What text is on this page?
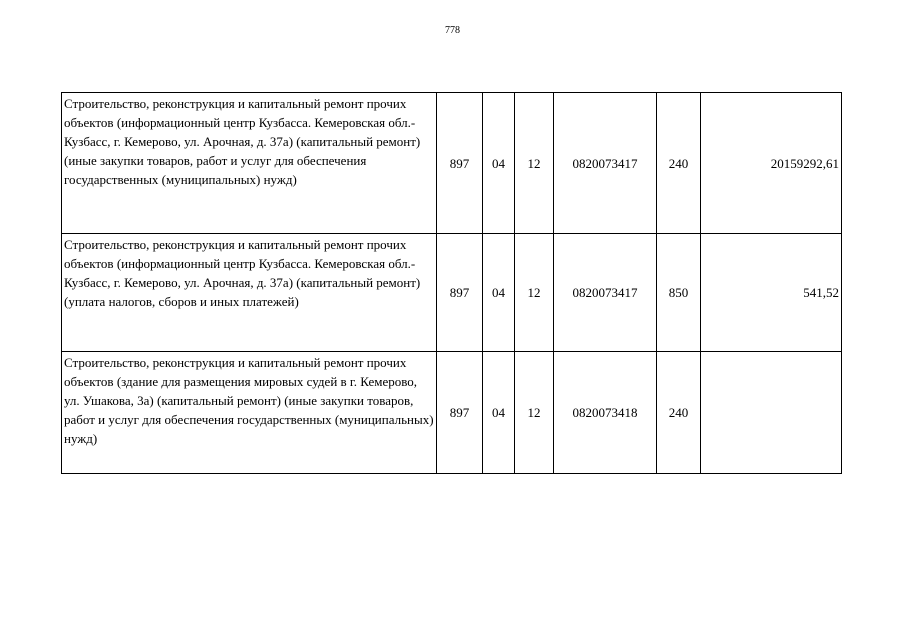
778
Строительство, реконструкция и капитальный ремонт прочих объектов (информационный центр Кузбасса. Кемеровская обл.-Кузбасс, г. Кемерово, ул. Арочная, д. 37а) (капитальный ремонт) (иные закупки товаров, работ и услуг для обеспечения государственных (муниципальных) нужд)	897	04	12	0820073417	240	20159292,61
Строительство, реконструкция и капитальный ремонт прочих объектов (информационный центр Кузбасса. Кемеровская обл.-Кузбасс, г. Кемерово, ул. Арочная, д. 37а) (капитальный ремонт) (уплата налогов, сборов и иных платежей)	897	04	12	0820073417	850	541,52
Строительство, реконструкция и капитальный ремонт прочих объектов (здание для размещения мировых судей в г. Кемерово, ул. Ушакова, 3а) (капитальный ремонт) (иные закупки товаров, работ и услуг для обеспечения государственных (муниципальных) нужд)	897	04	12	0820073418	240	
